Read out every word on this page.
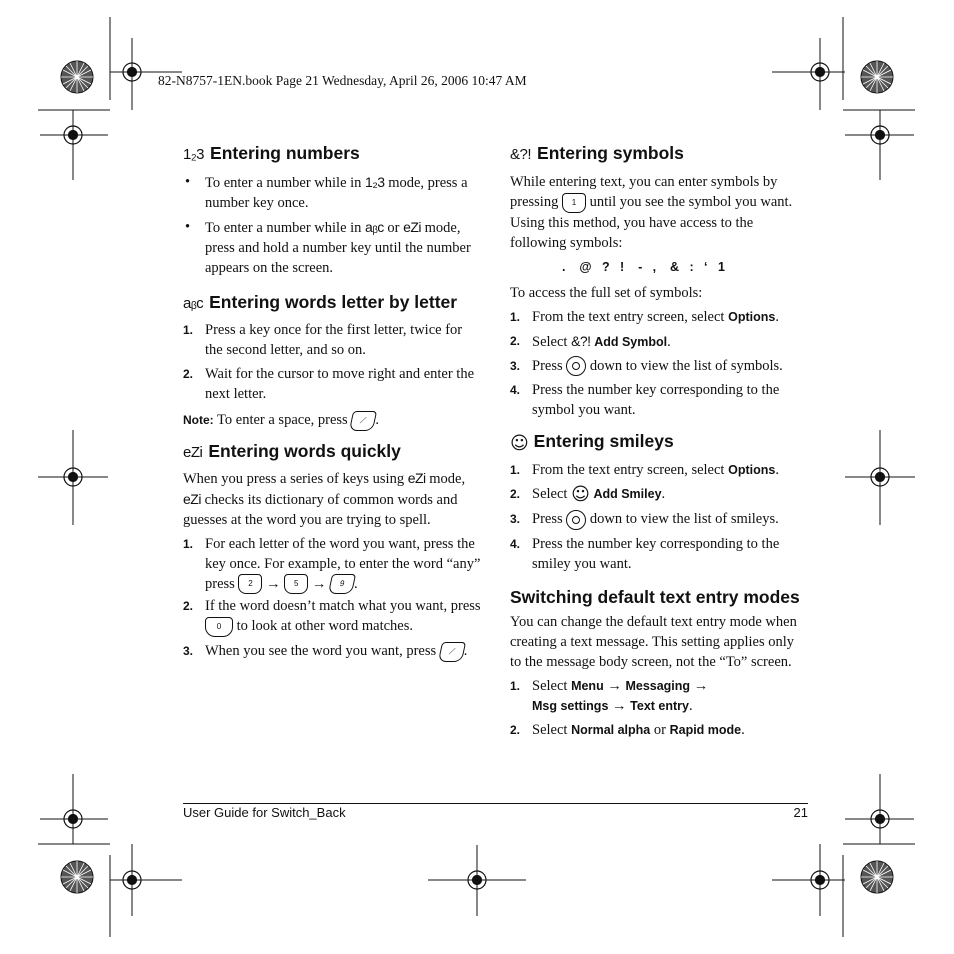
82-N8757-1EN.book Page 21 Wednesday, April 26, 2006 10:47 AM
1₂3 Entering numbers
• To enter a number while in 1₂3 mode, press a number key once.
• To enter a number while in aᵦc or eZi mode, press and hold a number key until the number appears on the screen.
aᵦc Entering words letter by letter
1. Press a key once for the first letter, twice for the second letter, and so on.
2. Wait for the cursor to move right and enter the next letter.
Note: To enter a space, press ⟋ .
eZi Entering words quickly
When you press a series of keys using eZi mode, eZi checks its dictionary of common words and guesses at the word you are trying to spell.
1. For each letter of the word you want, press the key once. For example, to enter the word “any” press 2 → 5 → 9 .
2. If the word doesn’t match what you want, press 0 to look at other word matches.
3. When you see the word you want, press ⟋ .
&?! Entering symbols
While entering text, you can enter symbols by pressing 1 until you see the symbol you want. Using this method, you have access to the following symbols:
.    @   ?   !    -   ,    &   :   ‘   1
To access the full set of symbols:
1. From the text entry screen, select Options.
2. Select &?! Add Symbol.
3. Press down to view the list of symbols.
4. Press the number key corresponding to the symbol you want.
☺ Entering smileys
1. From the text entry screen, select Options.
2. Select ☺ Add Smiley.
3. Press down to view the list of smileys.
4. Press the number key corresponding to the smiley you want.
Switching default text entry modes
You can change the default text entry mode when creating a text message. This setting applies only to the message body screen, not the “To” screen.
1. Select Menu → Messaging →
Msg settings → Text entry.
2. Select Normal alpha or Rapid mode.
User Guide for Switch_Back	21
